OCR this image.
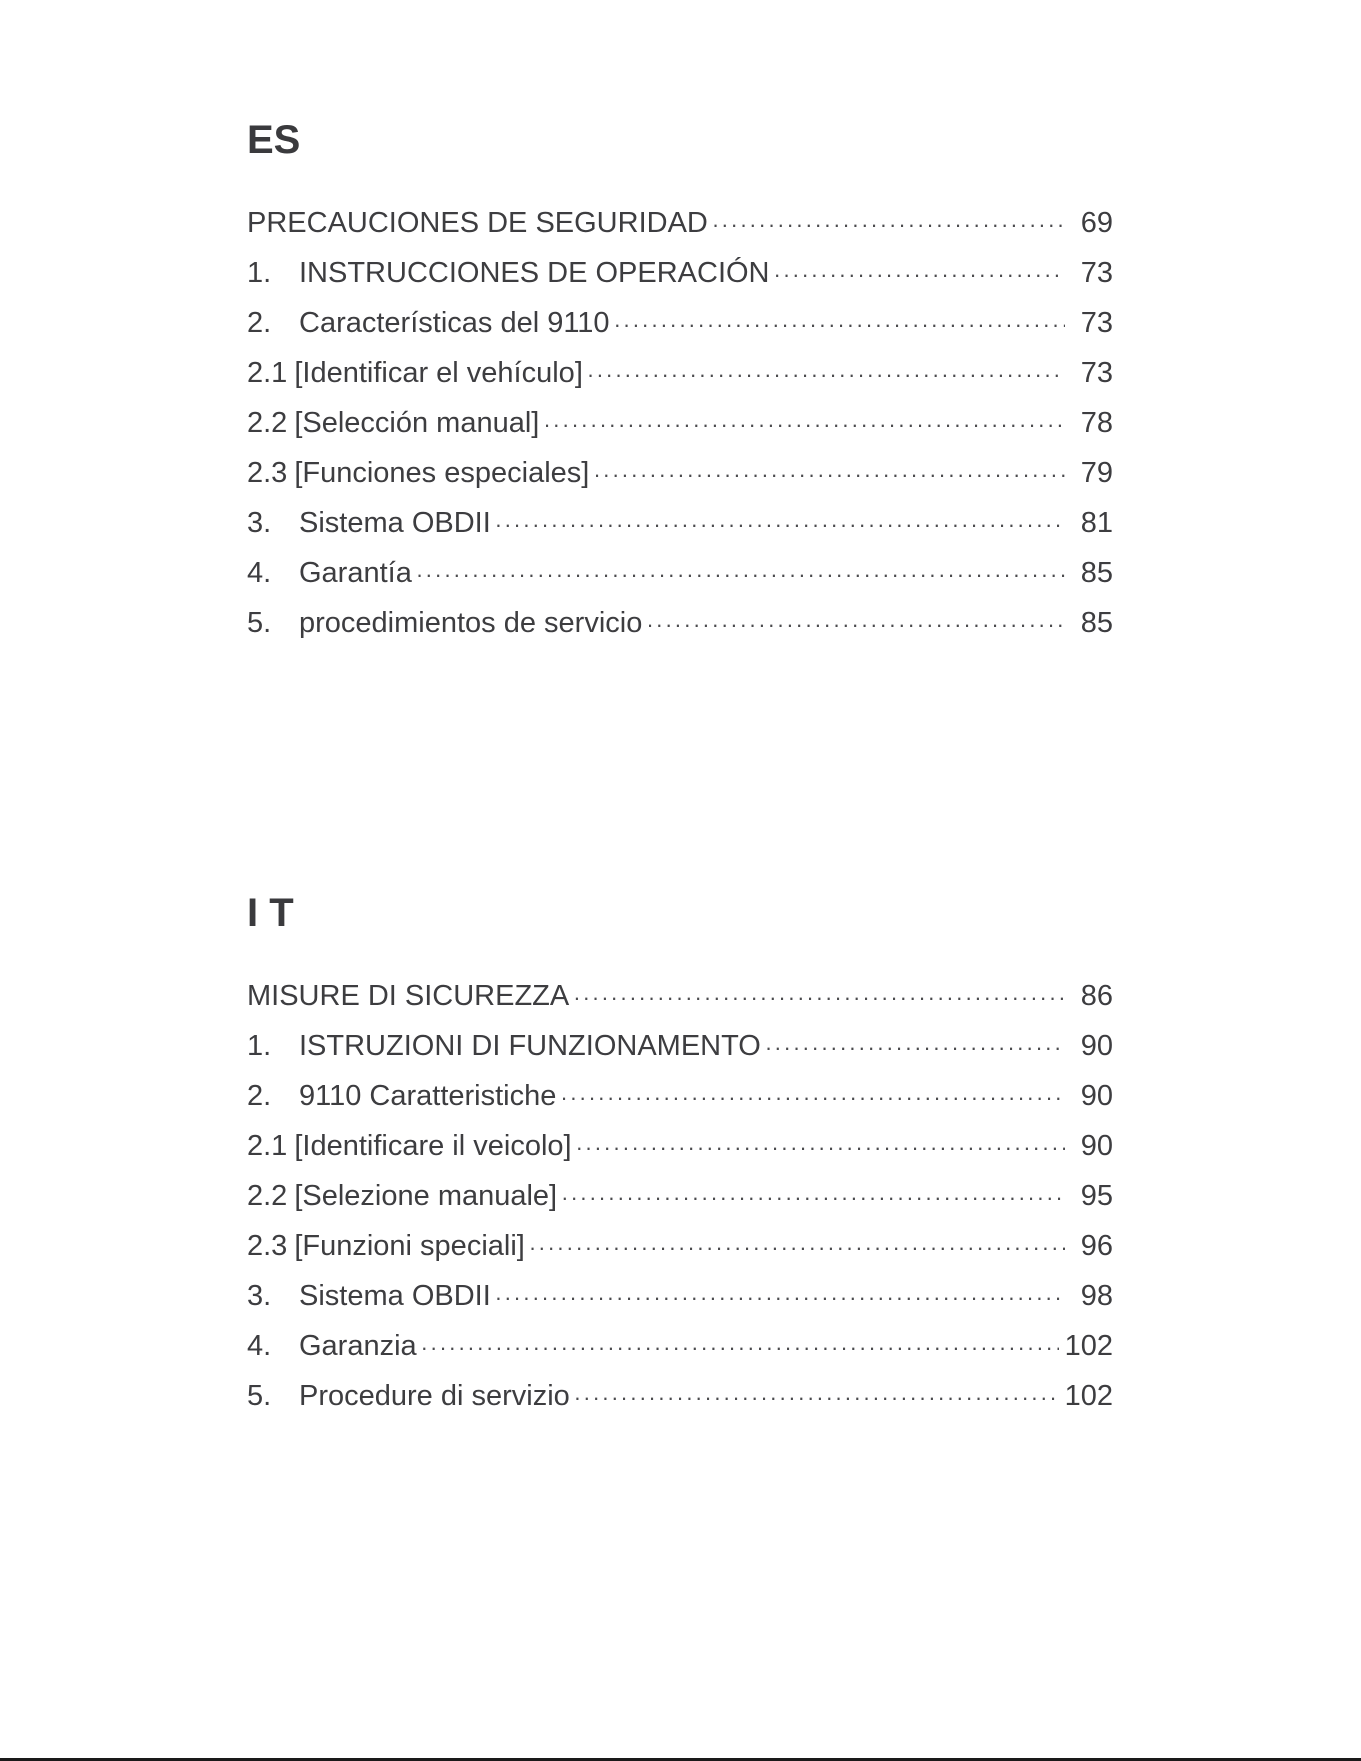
ES
PRECAUCIONES DE SEGURIDAD ·····	69
1. INSTRUCCIONES DE OPERACIÓN ·····	73
2. Características del 9110 ·····	73
2.1 [Identificar el vehículo] ·····	73
2.2 [Selección manual] ·····	78
2.3 [Funciones especiales] ·····	79
3. Sistema OBDII ·····	81
4. Garantía ·····	85
5. procedimientos de servicio ·····	85
I T
MISURE DI SICUREZZA ·····	86
1. ISTRUZIONI DI FUNZIONAMENTO ·····	90
2. 9110 Caratteristiche ·····	90
2.1 [Identificare il veicolo] ·····	90
2.2 [Selezione manuale] ·····	95
2.3 [Funzioni speciali] ·····	96
3. Sistema OBDII ·····	98
4. Garanzia ·····	102
5. Procedure di servizio ·····	102
